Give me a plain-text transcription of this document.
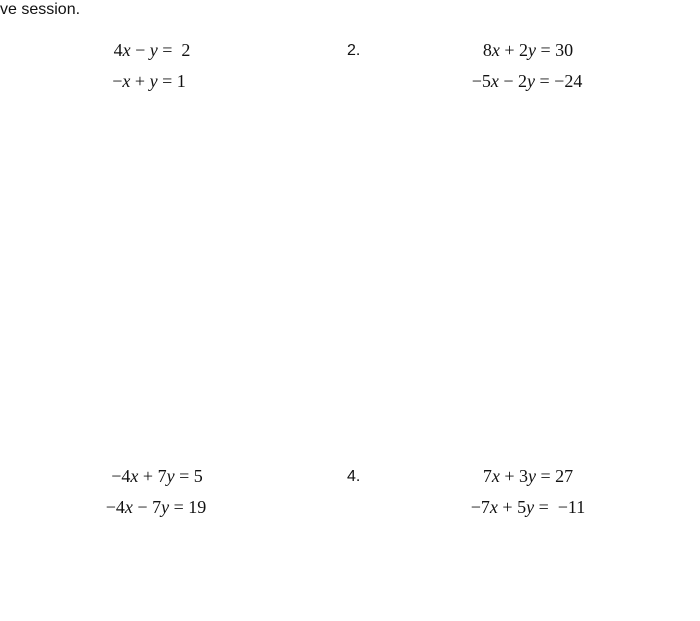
ve session.
4x − y = 2
−x + y = 1
2.	8x + 2y = 30
−5x − 2y = −24
−4x + 7y = 5
−4x − 7y = 19
4.	7x + 3y = 27
−7x + 5y = −11
